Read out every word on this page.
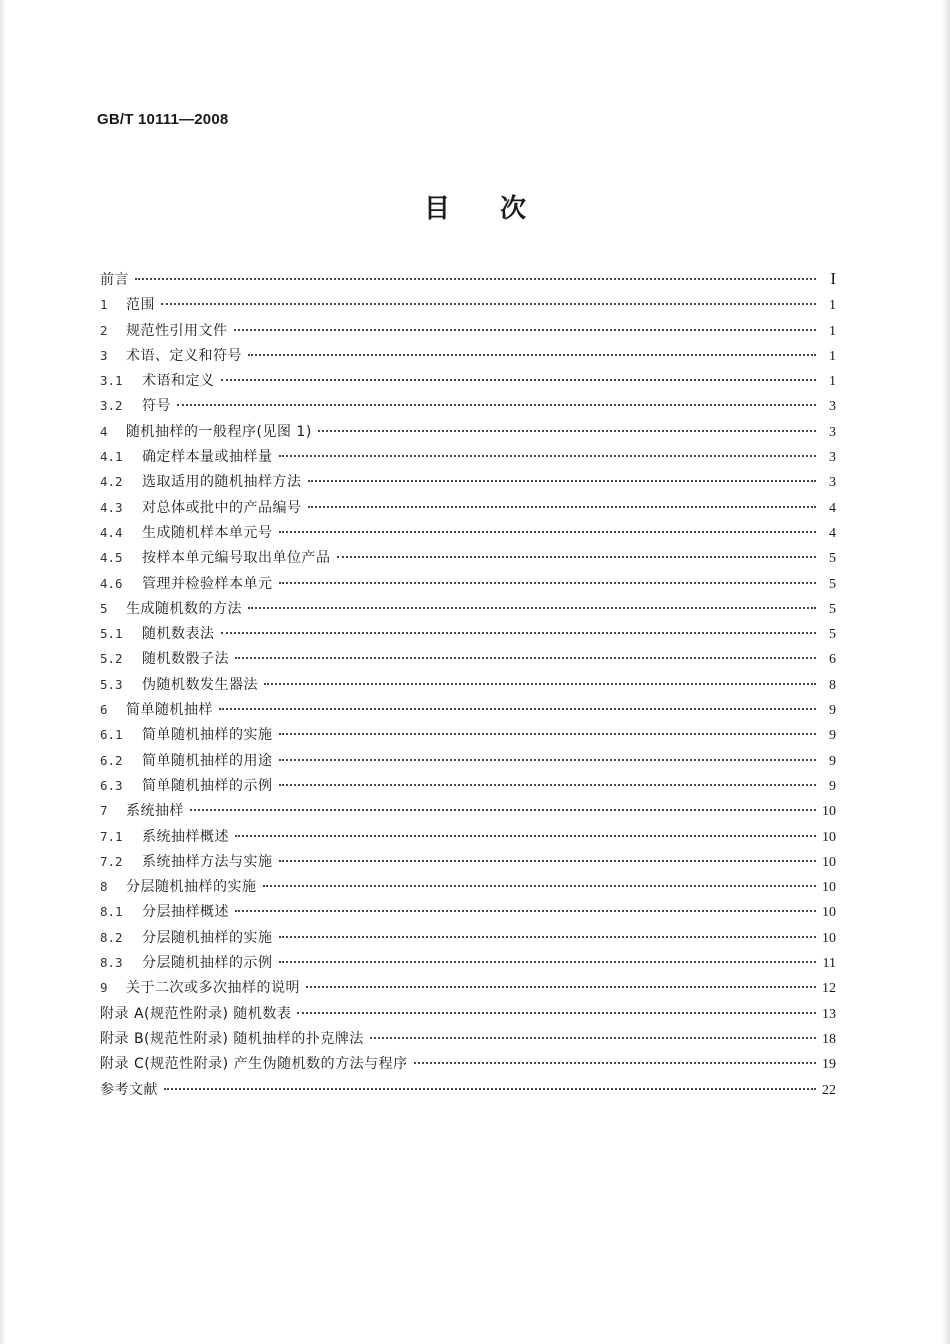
GB/T 10111—2008
目次
前言	I
1	范围	1
2	规范性引用文件	1
3	术语、定义和符号	1
3.1	术语和定义	1
3.2	符号	3
4	随机抽样的一般程序(见图 1)	3
4.1	确定样本量或抽样量	3
4.2	选取适用的随机抽样方法	3
4.3	对总体或批中的产品编号	4
4.4	生成随机样本单元号	4
4.5	按样本单元编号取出单位产品	5
4.6	管理并检验样本单元	5
5	生成随机数的方法	5
5.1	随机数表法	5
5.2	随机数骰子法	6
5.3	伪随机数发生器法	8
6	简单随机抽样	9
6.1	简单随机抽样的实施	9
6.2	简单随机抽样的用途	9
6.3	简单随机抽样的示例	9
7	系统抽样	10
7.1	系统抽样概述	10
7.2	系统抽样方法与实施	10
8	分层随机抽样的实施	10
8.1	分层抽样概述	10
8.2	分层随机抽样的实施	10
8.3	分层随机抽样的示例	11
9	关于二次或多次抽样的说明	12
附录 A(规范性附录) 随机数表	13
附录 B(规范性附录) 随机抽样的扑克牌法	18
附录 C(规范性附录) 产生伪随机数的方法与程序	19
参考文献	22
